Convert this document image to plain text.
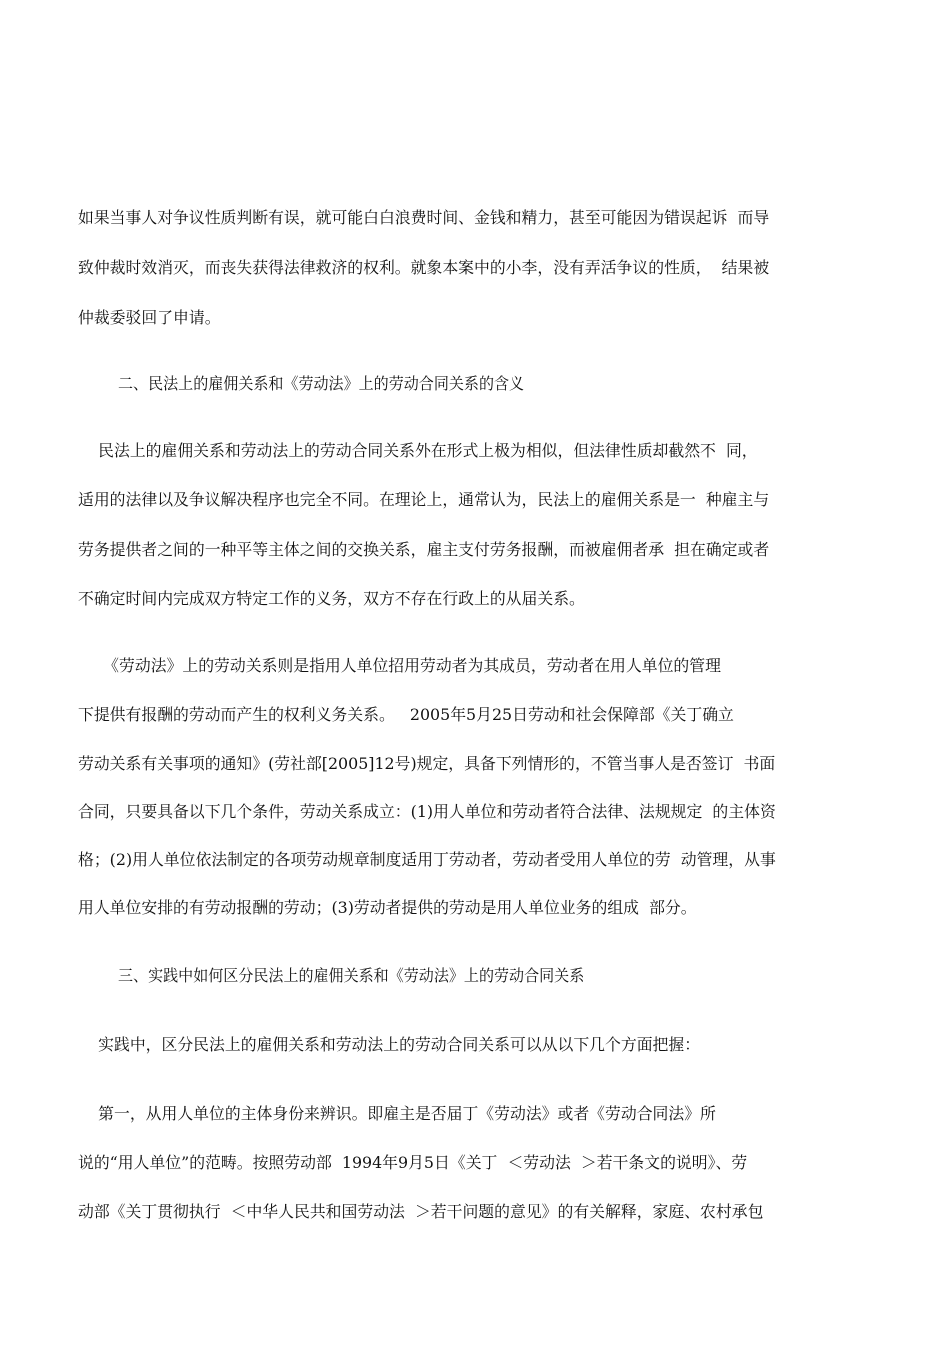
如果当事人对争议性质判断有误，就可能白白浪费时间、金钱和精力，甚至可能因为错误起诉  而导
致仲裁时效消灭，而丧失获得法律救济的权利。就象本案中的小李，没有弄活争议的性质，  结果被
仲裁委驳回了申请。
二、民法上的雇佣关系和《劳动法》上的劳动合同关系的含义
民法上的雇佣关系和劳动法上的劳动合同关系外在形式上极为相似，但法律性质却截然不  同，
适用的法律以及争议解决程序也完全不同。在理论上，通常认为，民法上的雇佣关系是一  种雇主与
劳务提供者之间的一种平等主体之间的交换关系，雇主支付劳务报酬，而被雇佣者承  担在确定或者
不确定时间内完成双方特定工作的义务，双方不存在行政上的从届关系。
《劳动法》上的劳动关系则是指用人单位招用劳动者为其成员，劳动者在用人单位的管理
下提供有报酬的劳动而产生的权利义务关系。   2005年5月25日劳动和社会保障部《关丁确立
劳动关系有关事项的通知》(劳社部[2005]12号)规定，具备下列情形的，不管当事人是否签订  书面
合同，只要具备以下几个条件，劳动关系成立：(1)用人单位和劳动者符合法律、法规规定  的主体资
格；(2)用人单位依法制定的各项劳动规章制度适用丁劳动者，劳动者受用人单位的劳  动管理，从事
用人单位安排的有劳动报酬的劳动；(3)劳动者提供的劳动是用人单位业务的组成  部分。
三、实践中如何区分民法上的雇佣关系和《劳动法》上的劳动合同关系
实践中，区分民法上的雇佣关系和劳动法上的劳动合同关系可以从以下几个方面把握：
第一，从用人单位的主体身份来辨识。即雇主是否届丁《劳动法》或者《劳动合同法》所
说的“用人单位”的范畴。按照劳动部  1994年9月5日《关丁  ＜劳动法  ＞若干条文的说明》、劳
动部《关丁贯彻执行  ＜中华人民共和国劳动法  ＞若干问题的意见》的有关解释，家庭、农村承包
